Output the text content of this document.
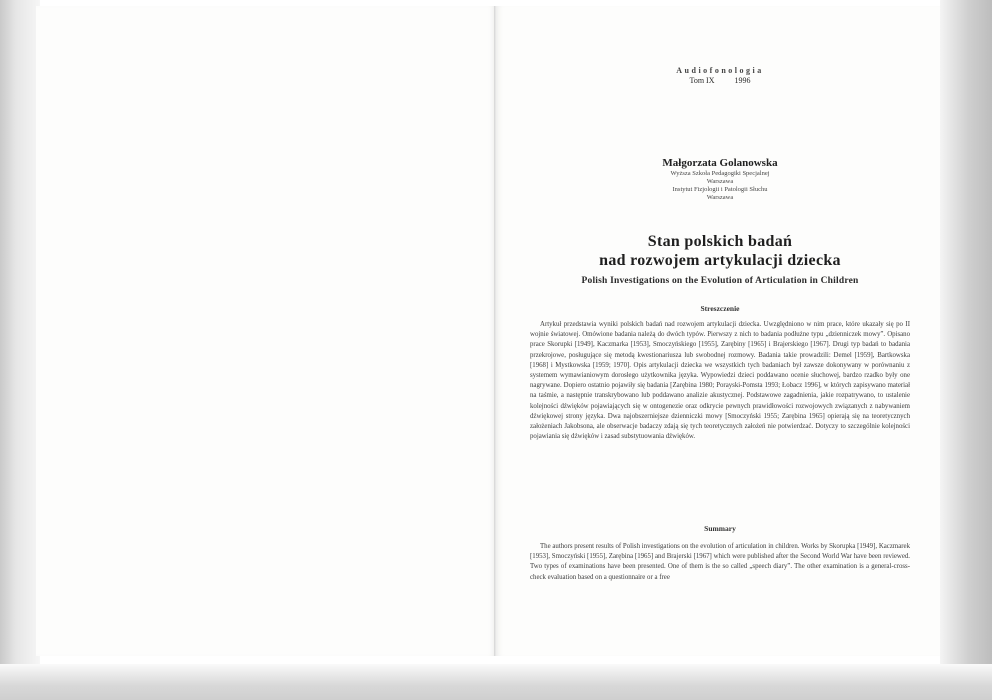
Audiofonologia
Tom IX	1996
Małgorzata Golanowska
Wyższa Szkoła Pedagogiki Specjalnej
Warszawa
Instytut Fizjologii i Patologii Słuchu
Warszawa
Stan polskich badań
nad rozwojem artykulacji dziecka
Polish Investigations on the Evolution of Articulation in Children
Streszczenie

Artykuł przedstawia wyniki polskich badań nad rozwojem artykulacji dziecka. Uwzględniono w nim prace, które ukazały się po II wojnie światowej. Omówione badania należą do dwóch typów. Pierwszy z nich to badania podłużne typu „dzienniczek mowy”. Opisano prace Skorupki [1949], Kaczmarka [1953], Smoczyńskiego [1955], Zarębiny [1965] i Brajerskiego [1967]. Drugi typ badań to badania przekrojowe, posługujące się metodą kwestionariusza lub swobodnej rozmowy. Badania takie prowadzili: Demel [1959], Bartkowska [1968] i Mystkowska [1959; 1970]. Opis artykulacji dziecka we wszystkich tych badaniach był zawsze dokonywany w porównaniu z systemem wymawianiowym dorosłego użytkownika języka. Wypowiedzi dzieci poddawano ocenie słuchowej, bardzo rzadko były one nagrywane. Dopiero ostatnio pojawiły się badania [Zarębina 1980; Porayski-Pomsta 1993; Łobacz 1996], w których zapisywano materiał na taśmie, a następnie transkrybowano lub poddawano analizie akustycznej. Podstawowe zagadnienia, jakie rozpatrywano, to ustalenie kolejności dźwięków pojawiających się w ontogenezie oraz odkrycie pewnych prawidłowości rozwojowych związanych z nabywaniem dźwiękowej strony języka. Dwa najobszerniejsze dzienniczki mowy [Smoczyński 1955; Zarębina 1965] opierają się na teoretycznych założeniach Jakobsona, ale obserwacje badaczy zdają się tych teoretycznych założeń nie potwierdzać. Dotyczy to szczególnie kolejności pojawiania się dźwięków i zasad substytuowania dźwięków.

Summary

The authors present results of Polish investigations on the evolution of articulation in children. Works by Skorupka [1949], Kaczmarek [1953], Smoczyński [1955], Zarębina [1965] and Brajerski [1967] which were published after the Second World War have been reviewed. Two types of examinations have been presented. One of them is the so called „speech diary”. The other examination is a general-cross-check evaluation based on a questionnaire or a free
